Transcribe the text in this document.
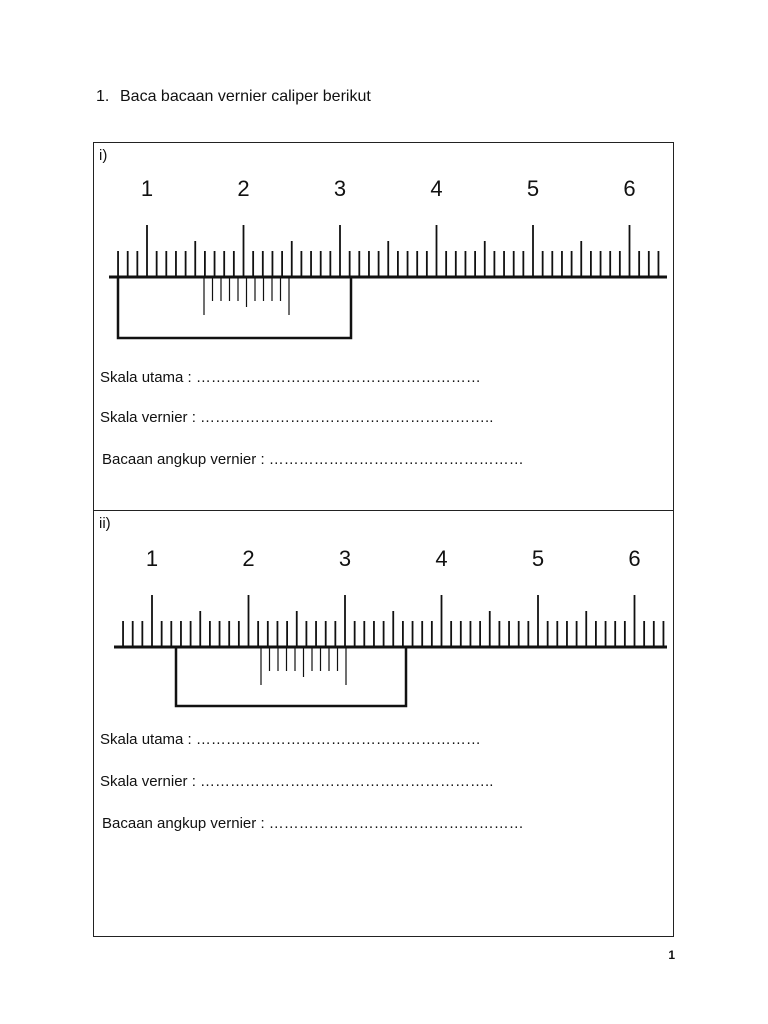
1. Baca bacaan vernier caliper berikut
i)
1	2	3	4	5	6
Skala utama : …………………………………………………
Skala vernier : …………………………………………………..
Bacaan angkup vernier : ……………………………………………
ii)
1	2	3	4	5	6
Skala utama : …………………………………………………
Skala vernier : …………………………………………………..
Bacaan angkup vernier : ……………………………………………
1
